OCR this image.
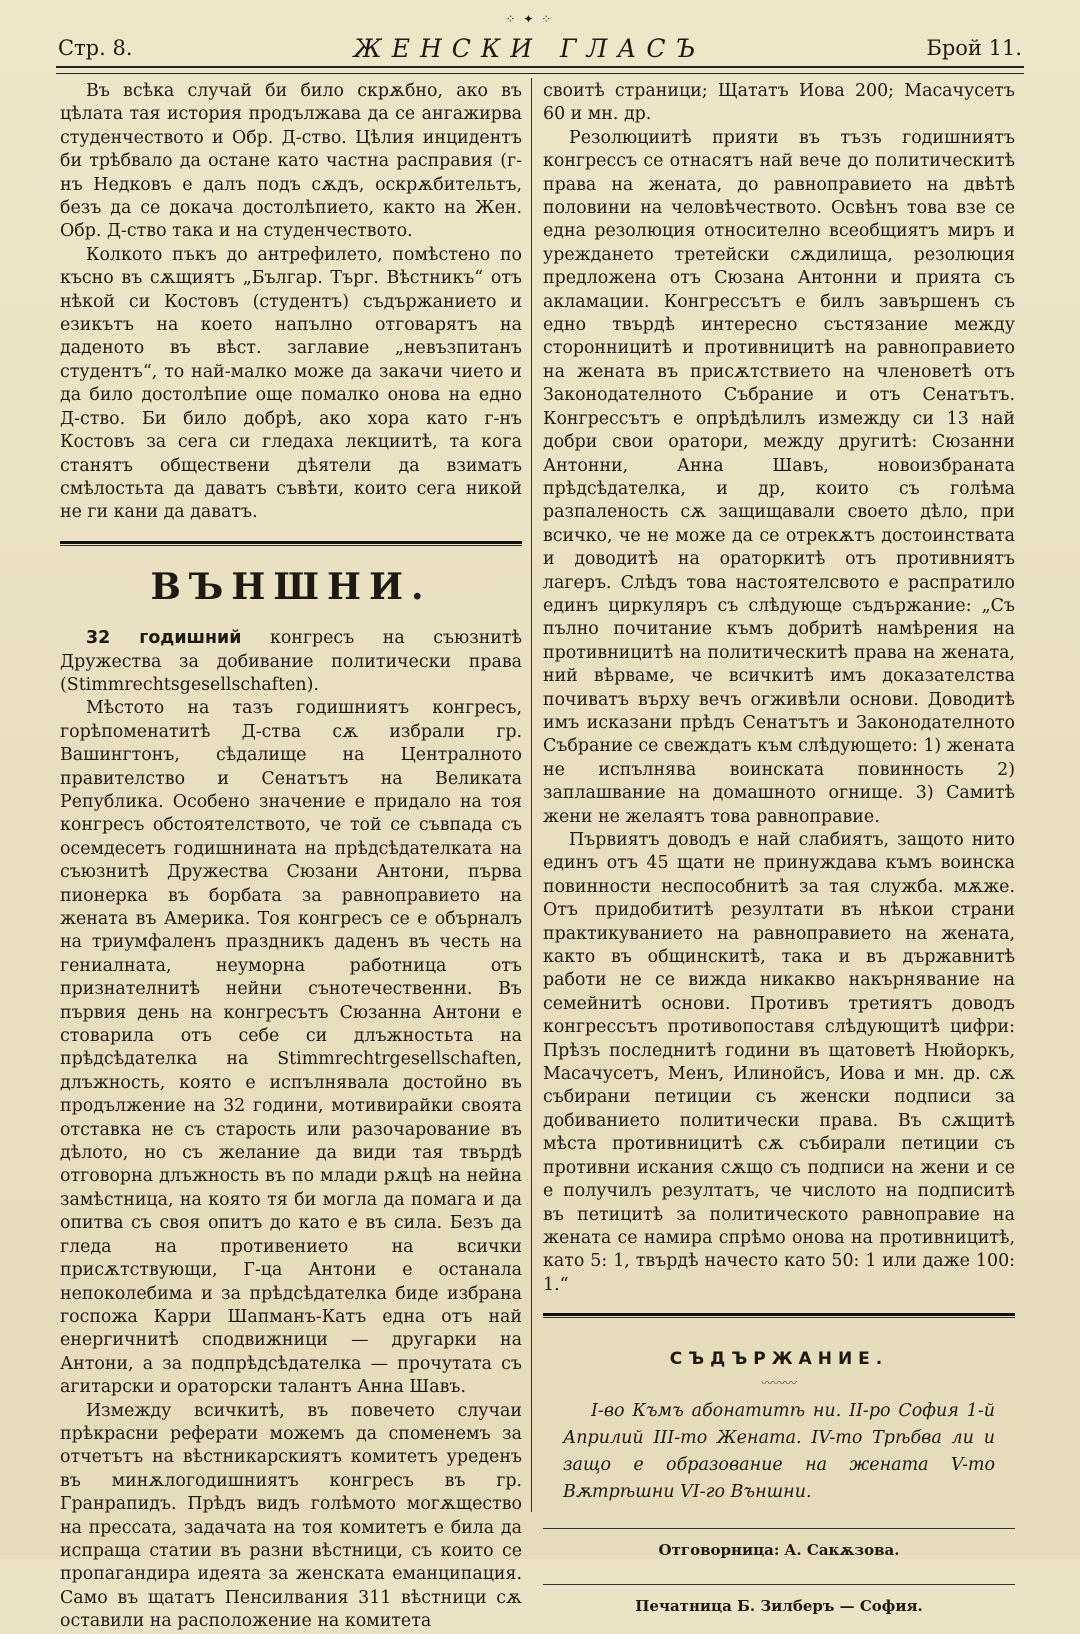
Стр. 8.
⁘ ✦ ⁘
ЖЕНСКИ ГЛАСЪ	Брой 11.

Въ всѣка случай би било скрѫбно, ако въ цѣлата тая история продължава да се ангажирва студенчеството и Обр. Д-ство. Цѣлия инцидентъ би трѣбвало да остане като частна расправия (г-нъ Недковъ е далъ подъ сѫдъ, оскрѫбительтъ, безъ да се докача достолѣпието, както на Жен. Обр. Д-ство така и на студенчеството.

Колкото пъкъ до антрефилето, помѣстено по късно въ сѫщиятъ „Българ. Търг. Вѣстникъ“ отъ нѣкой си Костовъ (студентъ) съдържанието и езикътъ на което напълно отговарятъ на даденото въ вѣст. заглавие „невъзпитанъ студентъ“, то най-малко може да закачи чието и да било достолѣпие още помалко онова на едно Д-ство. Би било добрѣ, ако хора като г-нъ Костовъ за сега си гледаха лекциитѣ, та кога станятъ обществени дѣятели да взиматъ смѣлостьта да даватъ съвѣти, които сега никой не ги кани да даватъ.

ВЪНШНИ.

32 годишний конгресъ на съюзнитѣ Дружества за добивание политически права (Stimmrechtsgesellschaften).

Мѣстото на тазъ годишниятъ конгресъ, горѣпоменатитѣ Д-ства сѫ избрали гр. Вашингтонъ, сѣдалище на Централното правителство и Сенатътъ на Великата Република. Особено значение е придало на тоя конгресъ обстоятелството, че той се съвпада съ осемдесетъ годишнината на прѣдсѣдателката на съюзнитѣ Дружества Сюзани Антони, първа пионерка въ борбата за равноправието на жената въ Америка. Тоя конгресъ се е обърналъ на триумфаленъ праздникъ даденъ въ честь на гениалната, неуморна работница отъ признателнитѣ нейни сънотечественни. Въ първия день на конгресътъ Сюзанна Антони е стоварила отъ себе си длъжностьта на прѣдсѣдателка на Stimmrechtrgesellschaften, длъжность, която е испълнявала достойно въ продължение на 32 години, мотивирайки своята отставка не съ старость или разочарование въ дѣлото, но съ желание да види тая твърдѣ отговорна длъжность въ по млади рѫцѣ на нейна замѣстница, на която тя би могла да помага и да опитва съ своя опитъ до като е въ сила. Безъ да гледа на противението на всички присѫтствующи, Г-ца Антони е останала непоколебима и за прѣдсѣдателка биде избрана госпожа Карри Шапманъ-Катъ една отъ най енергичнитѣ сподвижници — другарки на Антони, а за подпрѣдсѣдателка — прочутата съ агитарски и ораторски талантъ Анна Шавъ.

Измежду всичкитѣ, въ повечето случаи прѣкрасни реферати можемъ да споменемъ за отчетътъ на вѣстникарскиятъ комитетъ уреденъ въ минѫлогодишниятъ конгресъ въ гр. Гранрапидъ. Прѣдъ видъ голѣмото могѫщество на прессата, задачата на тоя комитетъ е била да испраща статии въ разни вѣстници, съ които се пропагандира идеята за женската еманципация. Само въ щататъ Пенсилвания 311 вѣстници сѫ оставили на расположение на комитета

своитѣ страници; Щататъ Иова 200; Масачусетъ 60 и мн. др.

Резолюциитѣ прияти въ тъзъ годишниятъ конгрессъ се отнасятъ най вече до политическитѣ права на жената, до равноправието на двѣтѣ половини на человѣчеството. Освѣнъ това взе се една резолюция относително всеобщиятъ миръ и уреждането третейски сѫдилища, резолюция предложена отъ Сюзана Антонни и прията съ акламации. Конгрессътъ е билъ завършенъ съ едно твърдѣ интересно състязание между сторонницитѣ и противницитѣ на равноправието на жената въ присѫтствието на членоветѣ отъ Законодателното Събрание и отъ Сенатътъ. Конгрессътъ е опрѣдѣлилъ измежду си 13 най добри свои оратори, между другитѣ: Сюзанни Антонни, Анна Шавъ, новоизбраната прѣдсѣдателка, и др, които съ голѣма разпаленость сѫ защищавали своето дѣло, при всичко, че не може да се отрекѫтъ достоинствата и доводитѣ на ораторкитѣ отъ противниятъ лагеръ. Слѣдъ това настоятелсвото е распратило единъ циркуляръ съ слѣдующе съдържание: „Съ пълно почитание къмъ добритѣ намѣрения на противницитѣ на политическитѣ права на жената, ний вѣрваме, че всичкитѣ имъ доказателства почиватъ върху вечъ огживѣли основи. Доводитѣ имъ исказани прѣдъ Сенатътъ и Законодателното Събрание се свеждатъ към слѣдующето: 1) жената не испълнява воинската повинность 2) заплашвание на домашното огнище. 3) Самитѣ жени не желаятъ това равноправие.

Първиятъ доводъ е най слабиятъ, защото нито единъ отъ 45 щати не принуждава къмъ воинска повинности неспособнитѣ за тая служба. мѫже. Отъ придобититѣ резултати въ нѣкои страни практикуванието на равноправието на жената, както въ общинскитѣ, така и въ държавнитѣ работи не се вижда никакво накърнявание на семейнитѣ основи. Противъ третиятъ доводъ конгрессътъ противопоставя слѣдующитѣ цифри: Прѣзъ последнитѣ години въ щатоветѣ Нюйоркъ, Масачусетъ, Менъ, Илинойсъ, Иова и мн. др. сѫ събирани петиции съ женски подписи за добиванието политически права. Въ сѫщитѣ мѣста противницитѣ сѫ събирали петиции съ противни искания сѫщо съ подписи на жени и се е получилъ резултатъ, че числото на подписитѣ въ петицитѣ за политическото равноправие на жената се намира спрѣмо онова на противницитѣ, като 5: 1, твърдѣ начесто като 50: 1 или даже 100: 1.“

СЪДЪРЖАНИЕ.
〰〰〰

I-во Къмъ абонатитѣ ни. II-ро София 1-й Априлий III-то Жената. IV-то Трѣбва ли и защо е образование на жената V-то Вѫтрѣшни VI-го Външни.

Отговорница: А. Сакѫзова.
Печатница Б. Зилберъ — София.
